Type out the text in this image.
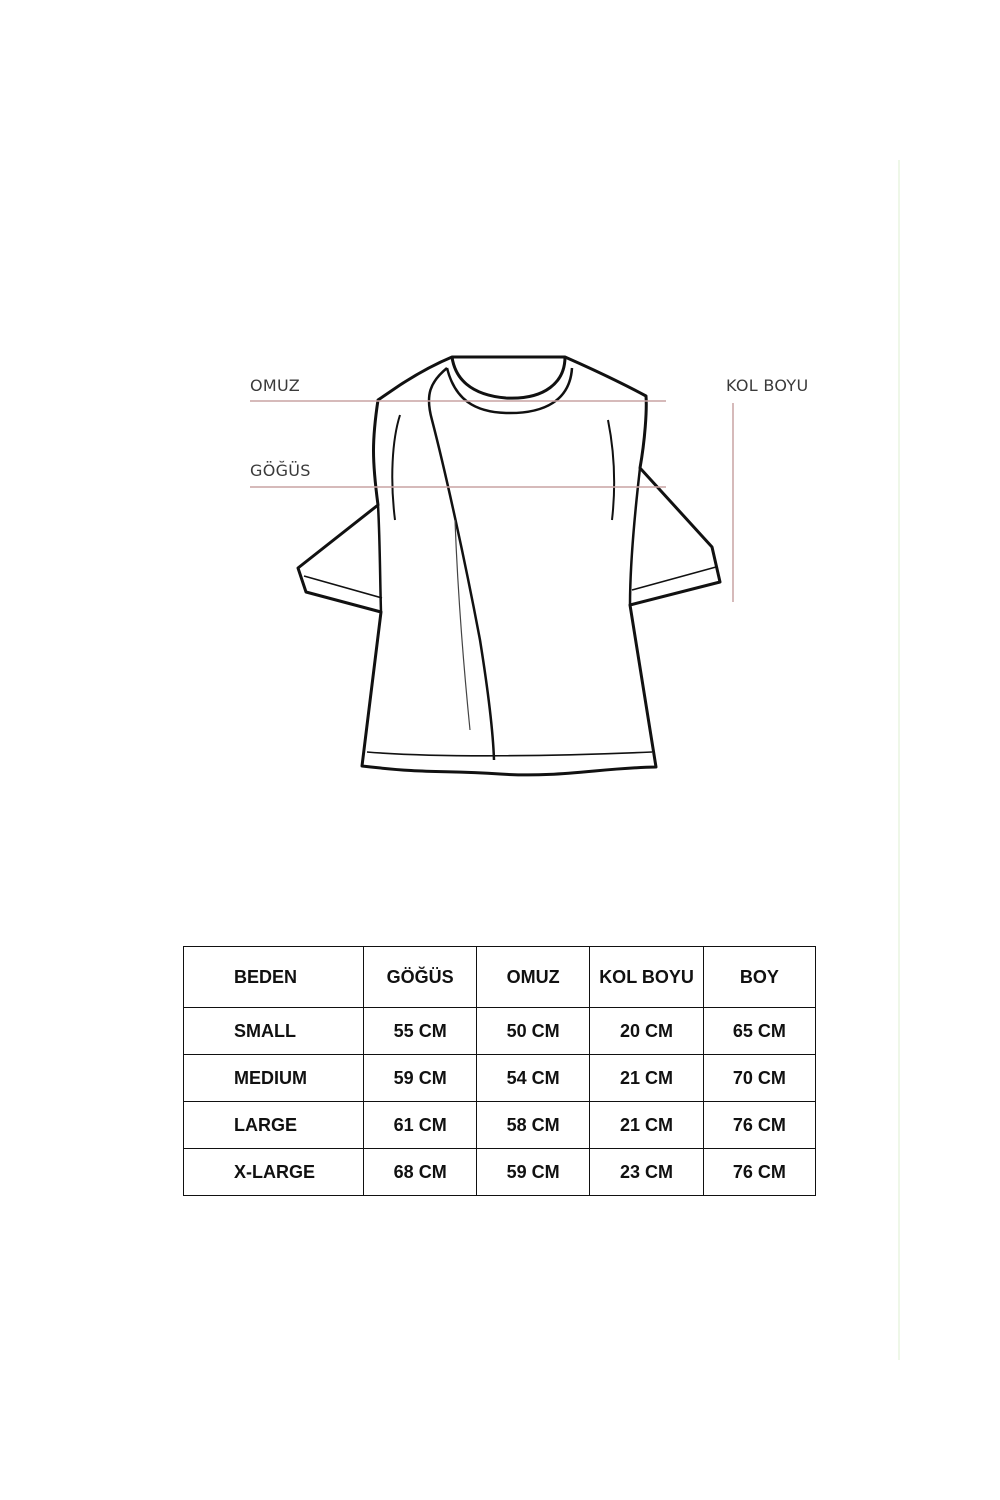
OMUZ
GÖĞÜS
KOL BOYU
BEDEN	GÖĞÜS	OMUZ	KOL BOYU	BOY
SMALL	55 CM	50 CM	20 CM	65 CM
MEDIUM	59 CM	54 CM	21 CM	70 CM
LARGE	61 CM	58 CM	21 CM	76 CM
X-LARGE	68 CM	59 CM	23 CM	76 CM
